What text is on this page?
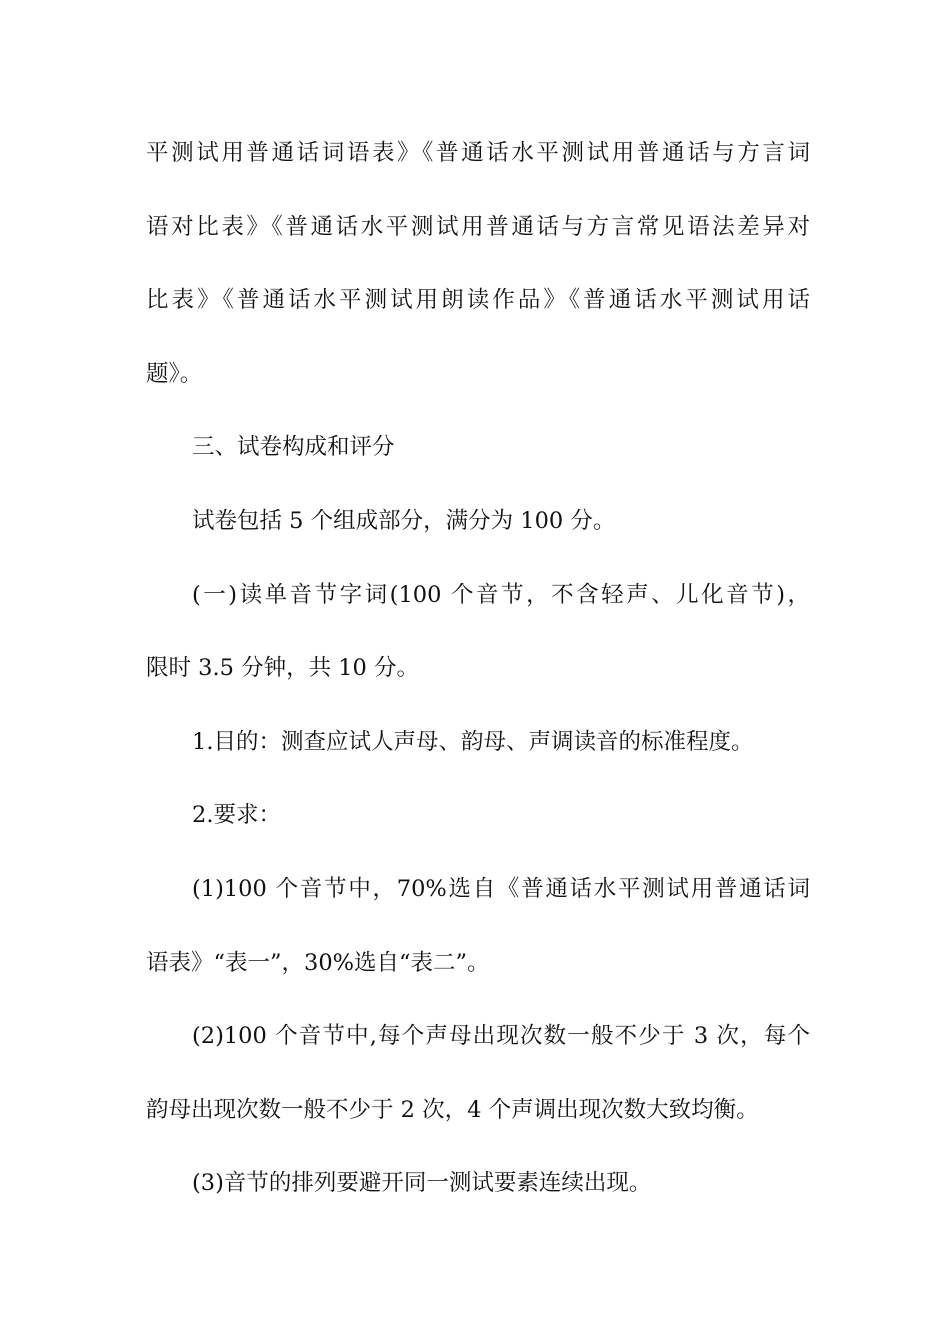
平测试用普通话词语表》《普通话水平测试用普通话与方言词
语对比表》《普通话水平测试用普通话与方言常见语法差异对
比表》《普通话水平测试用朗读作品》《普通话水平测试用话
题》。
三、试卷构成和评分
试卷包括 5 个组成部分，满分为 100 分。
(一)读单音节字词(100 个音节，不含轻声、儿化音节)，
限时 3.5 分钟，共 10 分。
1.目的：测查应试人声母、韵母、声调读音的标准程度。
2.要求：
(1)100 个音节中，70%选自《普通话水平测试用普通话词
语表》“表一”，30%选自“表二”。
(2)100 个音节中,每个声母出现次数一般不少于 3 次，每个
韵母出现次数一般不少于 2 次，4 个声调出现次数大致均衡。
(3)音节的排列要避开同一测试要素连续出现。
